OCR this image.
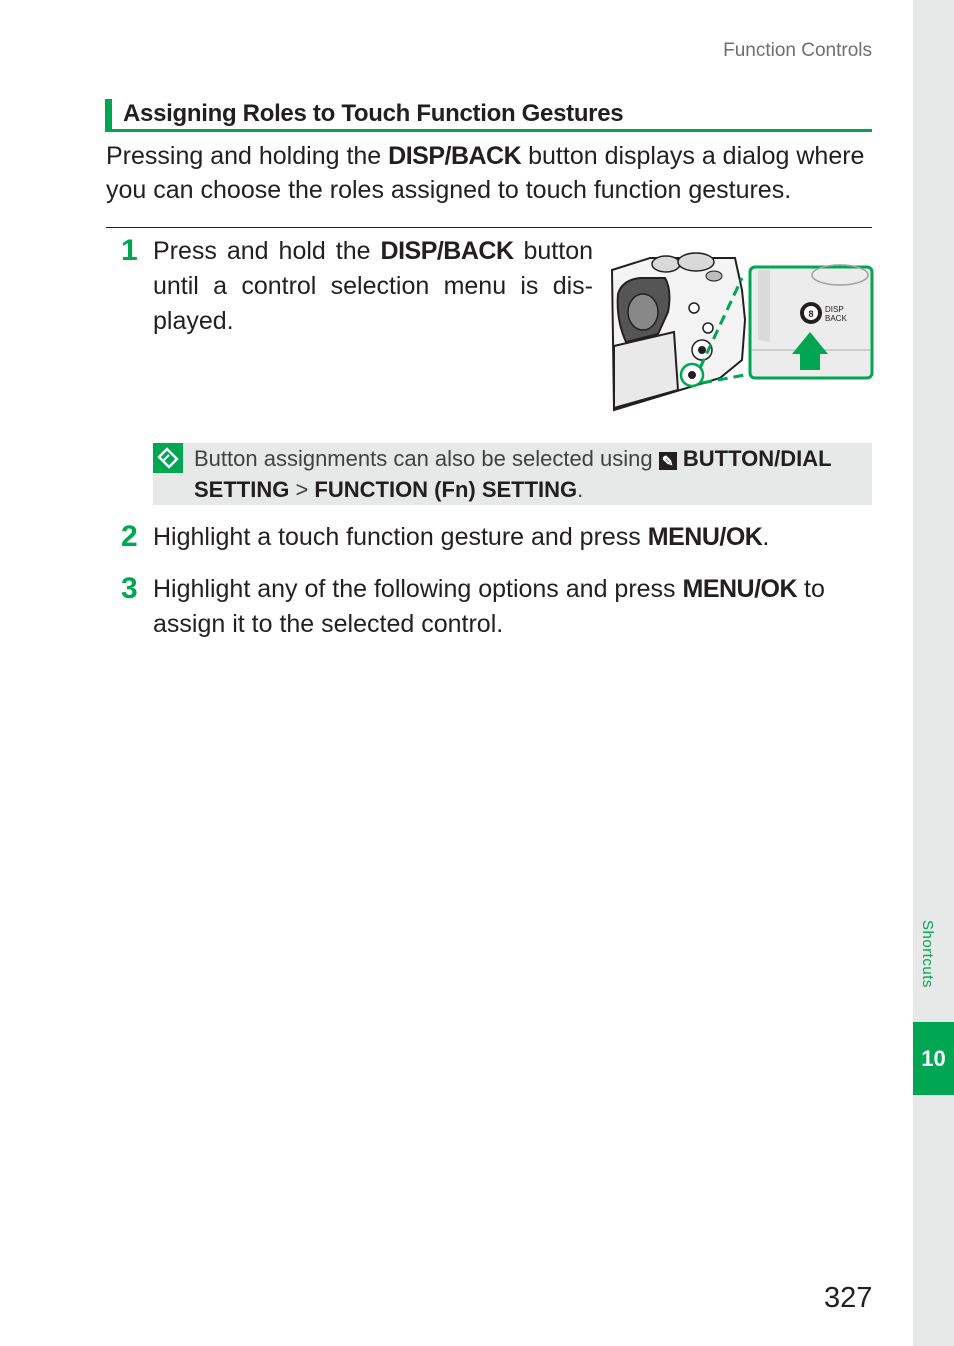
Shortcuts
10
Function Controls
Assigning Roles to Touch Function Gestures
Pressing and holding the DISP/BACK button displays a dialog where
you can choose the roles assigned to touch function gestures.
1 Press and hold the DISP/BACK button until a control selection menu is dis-played.	8 DISP
BACK
Button assignments can also be selected using ✎ BUTTON/DIAL
SETTING > FUNCTION (Fn) SETTING.
2 Highlight a touch function gesture and press MENU/OK.
3 Highlight any of the following options and press MENU/OK to
assign it to the selected control.
327
